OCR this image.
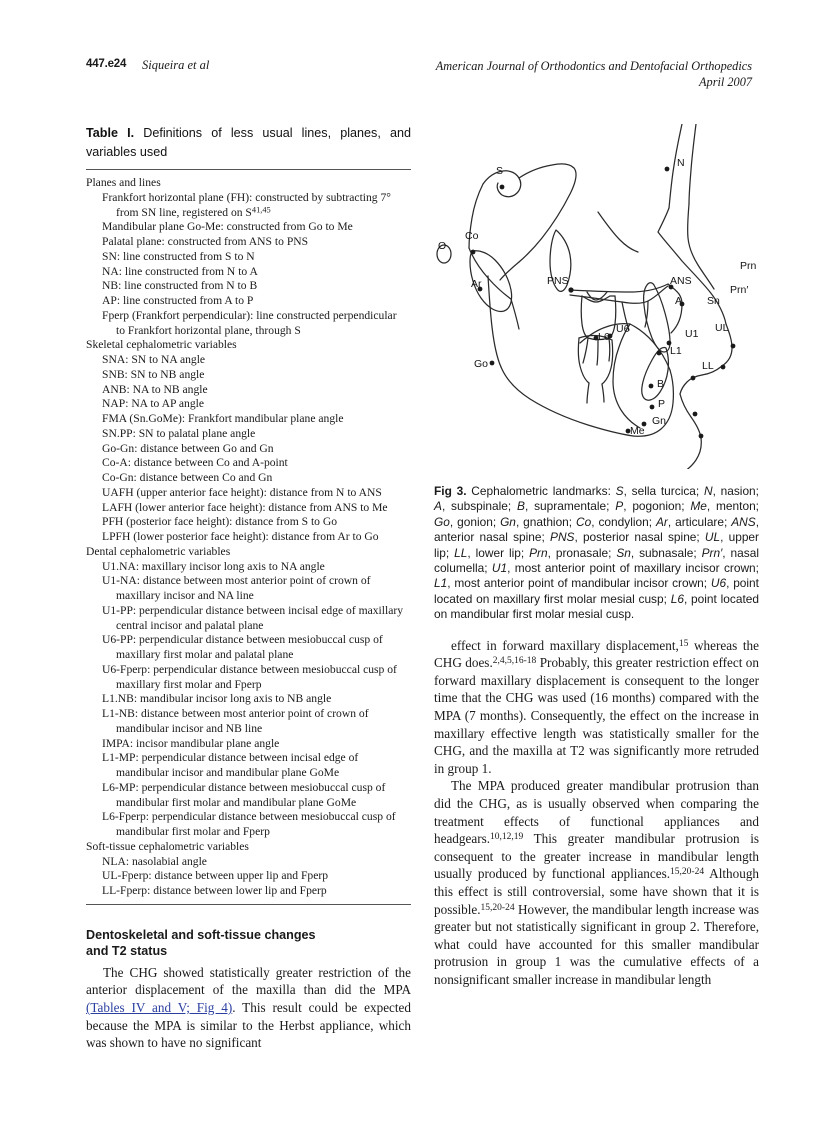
447.e24 Siqueira et al	American Journal of Orthodontics and Dentofacial Orthopedics
April 2007

Table I. Definitions of less usual lines, planes, and variables used

Planes and lines
Frankfort horizontal plane (FH): constructed by subtracting 7°
from SN line, registered on S$^{41,45}$
Mandibular plane Go-Me: constructed from Go to Me
Palatal plane: constructed from ANS to PNS
SN: line constructed from S to N
NA: line constructed from N to A
NB: line constructed from N to B
AP: line constructed from A to P
Fperp (Frankfort perpendicular): line constructed perpendicular
to Frankfort horizontal plane, through S
Skeletal cephalometric variables
SNA: SN to NA angle
SNB: SN to NB angle
ANB: NA to NB angle
NAP: NA to AP angle
FMA (Sn.GoMe): Frankfort mandibular plane angle
SN.PP: SN to palatal plane angle
Go-Gn: distance between Go and Gn
Co-A: distance between Co and A-point
Co-Gn: distance between Co and Gn
UAFH (upper anterior face height): distance from N to ANS
LAFH (lower anterior face height): distance from ANS to Me
PFH (posterior face height): distance from S to Go
LPFH (lower posterior face height): distance from Ar to Go
Dental cephalometric variables
U1.NA: maxillary incisor long axis to NA angle
U1-NA: distance between most anterior point of crown of
maxillary incisor and NA line
U1-PP: perpendicular distance between incisal edge of maxillary
central incisor and palatal plane
U6-PP: perpendicular distance between mesiobuccal cusp of
maxillary first molar and palatal plane
U6-Fperp: perpendicular distance between mesiobuccal cusp of
maxillary first molar and Fperp
L1.NB: mandibular incisor long axis to NB angle
L1-NB: distance between most anterior point of crown of
mandibular incisor and NB line
IMPA: incisor mandibular plane angle
L1-MP: perpendicular distance between incisal edge of
mandibular incisor and mandibular plane GoMe
L6-MP: perpendicular distance between mesiobuccal cusp of
mandibular first molar and mandibular plane GoMe
L6-Fperp: perpendicular distance between mesiobuccal cusp of
mandibular first molar and Fperp
Soft-tissue cephalometric variables
NLA: nasolabial angle
UL-Fperp: distance between upper lip and Fperp
LL-Fperp: distance between lower lip and Fperp
Dentoskeletal and soft-tissue changes
and T2 status

The CHG showed statistically greater restriction of the anterior displacement of the maxilla than did the MPA (Tables IV and V; Fig 4). This result could be expected because the MPA is similar to the Herbst appliance, which was shown to have no significant

S
N
Co
O
Ar	PNS	ANS
A
Prn
Prn′
Sn
UL
U1
U6
L6
L1
LL
Go
B
P
Gn
Me

Fig 3. Cephalometric landmarks: S, sella turcica; N, nasion; A, subspinale; B, supramentale; P, pogonion; Me, menton; Go, gonion; Gn, gnathion; Co, condylion; Ar, articulare; ANS, anterior nasal spine; PNS, posterior nasal spine; UL, upper lip; LL, lower lip; Prn, pronasale; Sn, subnasale; Prn′, nasal columella; U1, most anterior point of maxillary incisor crown; L1, most anterior point of mandibular incisor crown; U6, point located on maxillary first molar mesial cusp; L6, point located on mandibular first molar mesial cusp.

effect in forward maxillary displacement,$^{15}$ whereas the CHG does.$^{2,4,5,16-18}$ Probably, this greater restriction effect on forward maxillary displacement is consequent to the longer time that the CHG was used (16 months) compared with the MPA (7 months). Consequently, the effect on the increase in maxillary effective length was statistically smaller for the CHG, and the maxilla at T2 was significantly more retruded in group 1.

The MPA produced greater mandibular protrusion than did the CHG, as is usually observed when comparing the treatment effects of functional appliances and headgears.$^{10,12,19}$ This greater mandibular protrusion is consequent to the greater increase in mandibular length usually produced by functional appliances.$^{15,20-24}$ Although this effect is still controversial, some have shown that it is possible.$^{15,20-24}$ However, the mandibular length increase was greater but not statistically significant in group 2. Therefore, what could have accounted for this smaller mandibular protrusion in group 1 was the cumulative effects of a nonsignificant smaller increase in mandibular length
